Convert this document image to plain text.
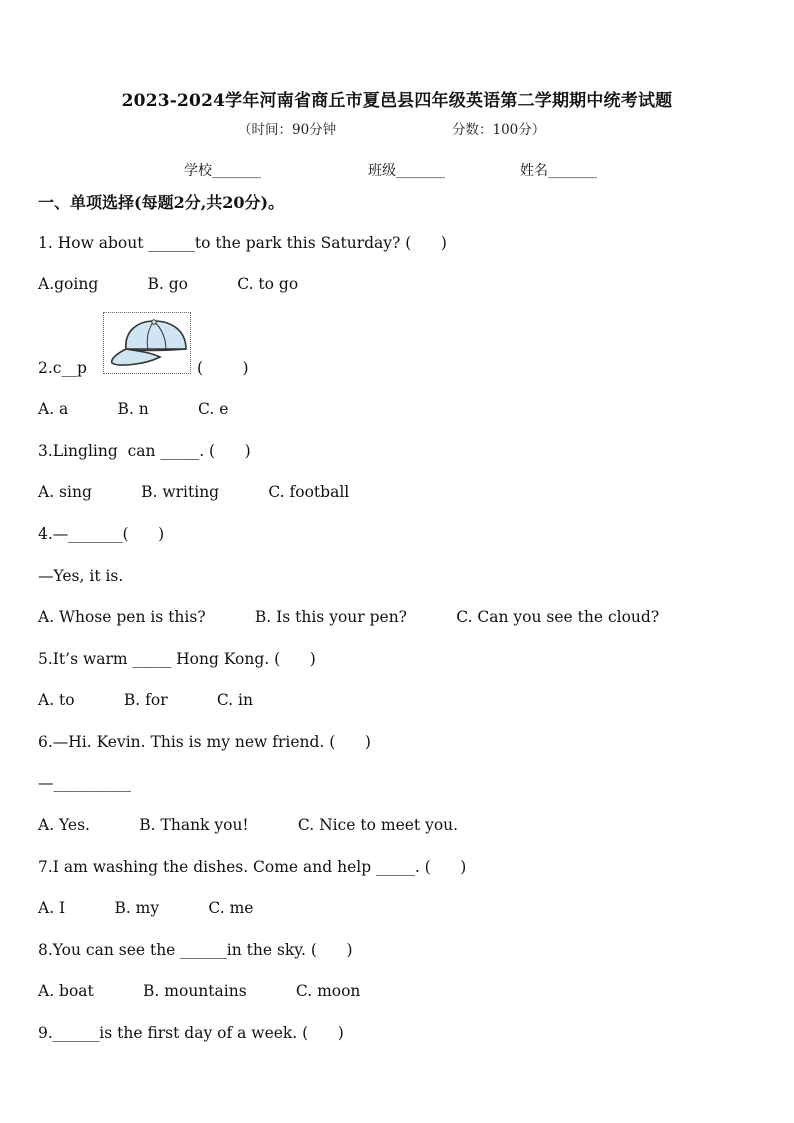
2023-2024学年河南省商丘市夏邑县四年级英语第二学期期中统考试题
（时间：90分钟	分数：100分）
学校_______	班级_______	姓名_______
一、单项选择(每题2分,共20分)。
1. How about ______to the park this Saturday? (      )
A.going          B. go          C. to go
2.c__p	(        )
A. a          B. n          C. e
3.Lingling  can _____. (      )
A. sing          B. writing          C. football
4.—_______(      )
—Yes, it is.
A. Whose pen is this?          B. Is this your pen?          C. Can you see the cloud?
5.It’s warm _____ Hong Kong. (      )
A. to          B. for          C. in
6.—Hi. Kevin. This is my new friend. (      )
—__________
A. Yes.          B. Thank you!          C. Nice to meet you.
7.I am washing the dishes. Come and help _____. (      )
A. I          B. my          C. me
8.You can see the ______in the sky. (      )
A. boat          B. mountains          C. moon
9.______is the first day of a week. (      )
